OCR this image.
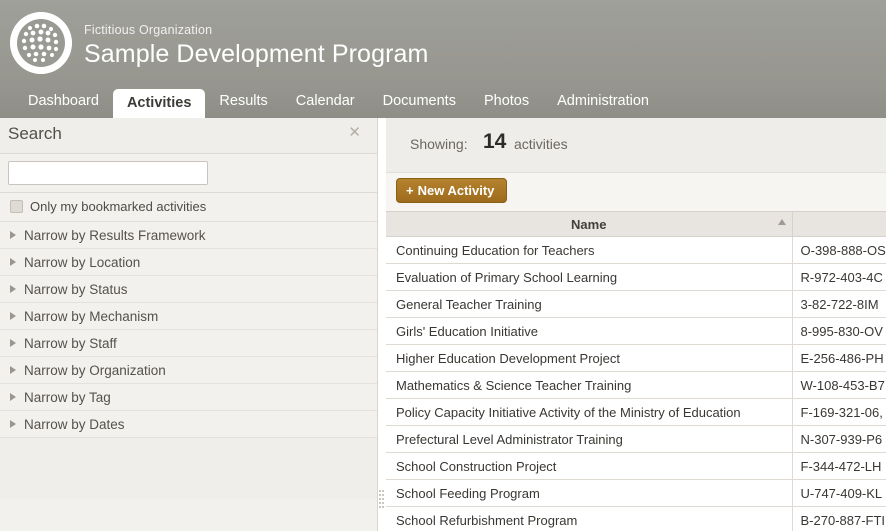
Fictitious Organization
Sample Development Program
Dashboard Activities Results Calendar Documents Photos Administration
Search	✕
Only my bookmarked activities
Narrow by Results Framework
Narrow by Location
Narrow by Status
Narrow by Mechanism
Narrow by Staff
Narrow by Organization
Narrow by Tag
Narrow by Dates
Showing: 14 activities
+ New Activity
Name

Continuing Education for Teachers	O-398-888-OS
Evaluation of Primary School Learning	R-972-403-4C
General Teacher Training	3-82-722-8IM
Girls' Education Initiative	8-995-830-OV
Higher Education Development Project	E-256-486-PH
Mathematics & Science Teacher Training	W-108-453-B7
Policy Capacity Initiative Activity of the Ministry of Education	F-169-321-06,
Prefectural Level Administrator Training	N-307-939-P6
School Construction Project	F-344-472-LH
School Feeding Program	U-747-409-KL
School Refurbishment Program	B-270-887-FTI
